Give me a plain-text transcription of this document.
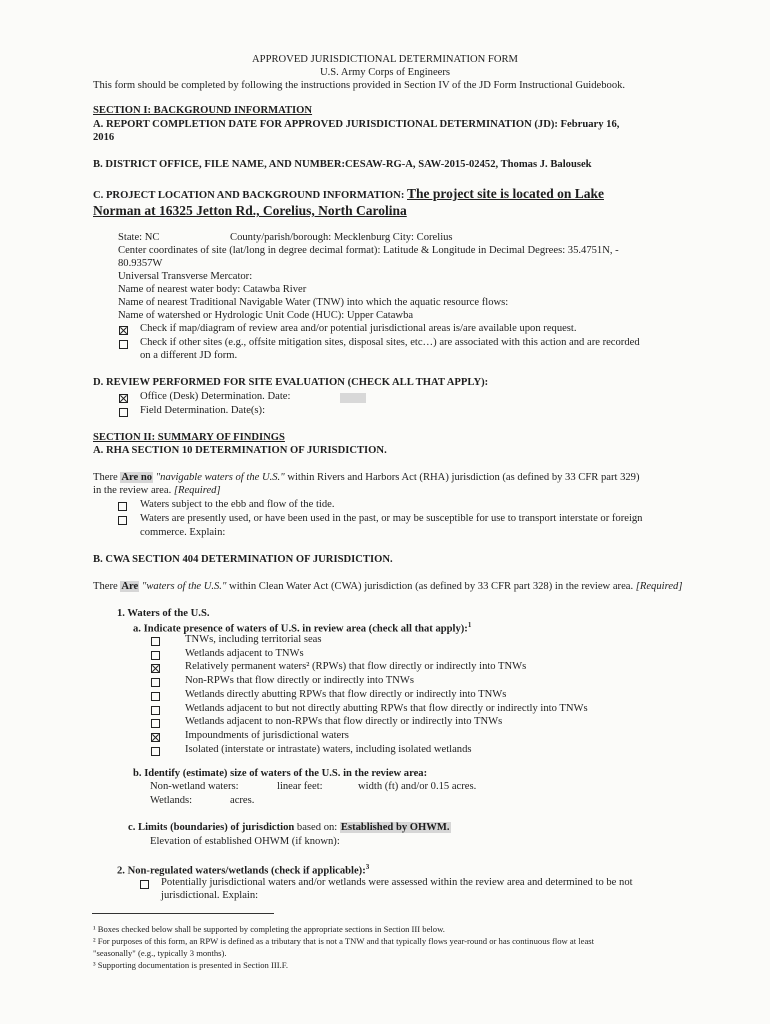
APPROVED JURISDICTIONAL DETERMINATION FORM
U.S. Army Corps of Engineers
This form should be completed by following the instructions provided in Section IV of the JD Form Instructional Guidebook.
SECTION I: BACKGROUND INFORMATION
A. REPORT COMPLETION DATE FOR APPROVED JURISDICTIONAL DETERMINATION (JD): February 16,
2016
B. DISTRICT OFFICE, FILE NAME, AND NUMBER:CESAW-RG-A, SAW-2015-02452, Thomas J. Balousek
C. PROJECT LOCATION AND BACKGROUND INFORMATION: The project site is located on Lake
Norman at 16325 Jetton Rd., Corelius, North Carolina
State: NC	County/parish/borough: Mecklenburg City: Corelius
Center coordinates of site (lat/long in degree decimal format): Latitude & Longitude in Decimal Degrees: 35.4751N, -
80.9357W
Universal Transverse Mercator:
Name of nearest water body: Catawba River
Name of nearest Traditional Navigable Water (TNW) into which the aquatic resource flows:
Name of watershed or Hydrologic Unit Code (HUC): Upper Catawba
Check if map/diagram of review area and/or potential jurisdictional areas is/are available upon request.
Check if other sites (e.g., offsite mitigation sites, disposal sites, etc…) are associated with this action and are recorded
on a different JD form.
D. REVIEW PERFORMED FOR SITE EVALUATION (CHECK ALL THAT APPLY):
Office (Desk) Determination. Date:
Field Determination. Date(s):
SECTION II: SUMMARY OF FINDINGS
A. RHA SECTION 10 DETERMINATION OF JURISDICTION.
There Are no "navigable waters of the U.S." within Rivers and Harbors Act (RHA) jurisdiction (as defined by 33 CFR part 329)
in the review area. [Required]
Waters subject to the ebb and flow of the tide.
Waters are presently used, or have been used in the past, or may be susceptible for use to transport interstate or foreign
commerce. Explain:
B. CWA SECTION 404 DETERMINATION OF JURISDICTION.
There Are "waters of the U.S." within Clean Water Act (CWA) jurisdiction (as defined by 33 CFR part 328) in the review area. [Required]
1. Waters of the U.S.
a. Indicate presence of waters of U.S. in review area (check all that apply):$^1$
TNWs, including territorial seas
Wetlands adjacent to TNWs
Relatively permanent waters² (RPWs) that flow directly or indirectly into TNWs
Non-RPWs that flow directly or indirectly into TNWs
Wetlands directly abutting RPWs that flow directly or indirectly into TNWs
Wetlands adjacent to but not directly abutting RPWs that flow directly or indirectly into TNWs
Wetlands adjacent to non-RPWs that flow directly or indirectly into TNWs
Impoundments of jurisdictional waters
Isolated (interstate or intrastate) waters, including isolated wetlands
b. Identify (estimate) size of waters of the U.S. in the review area:
Non-wetland waters:	linear feet:	width (ft) and/or 0.15 acres.
Wetlands:	acres.
c. Limits (boundaries) of jurisdiction based on: Established by OHWM.
Elevation of established OHWM (if known):
2. Non-regulated waters/wetlands (check if applicable):$^3$
Potentially jurisdictional waters and/or wetlands were assessed within the review area and determined to be not
jurisdictional. Explain:
¹ Boxes checked below shall be supported by completing the appropriate sections in Section III below.
² For purposes of this form, an RPW is defined as a tributary that is not a TNW and that typically flows year-round or has continuous flow at least
"seasonally" (e.g., typically 3 months).
³ Supporting documentation is presented in Section III.F.
